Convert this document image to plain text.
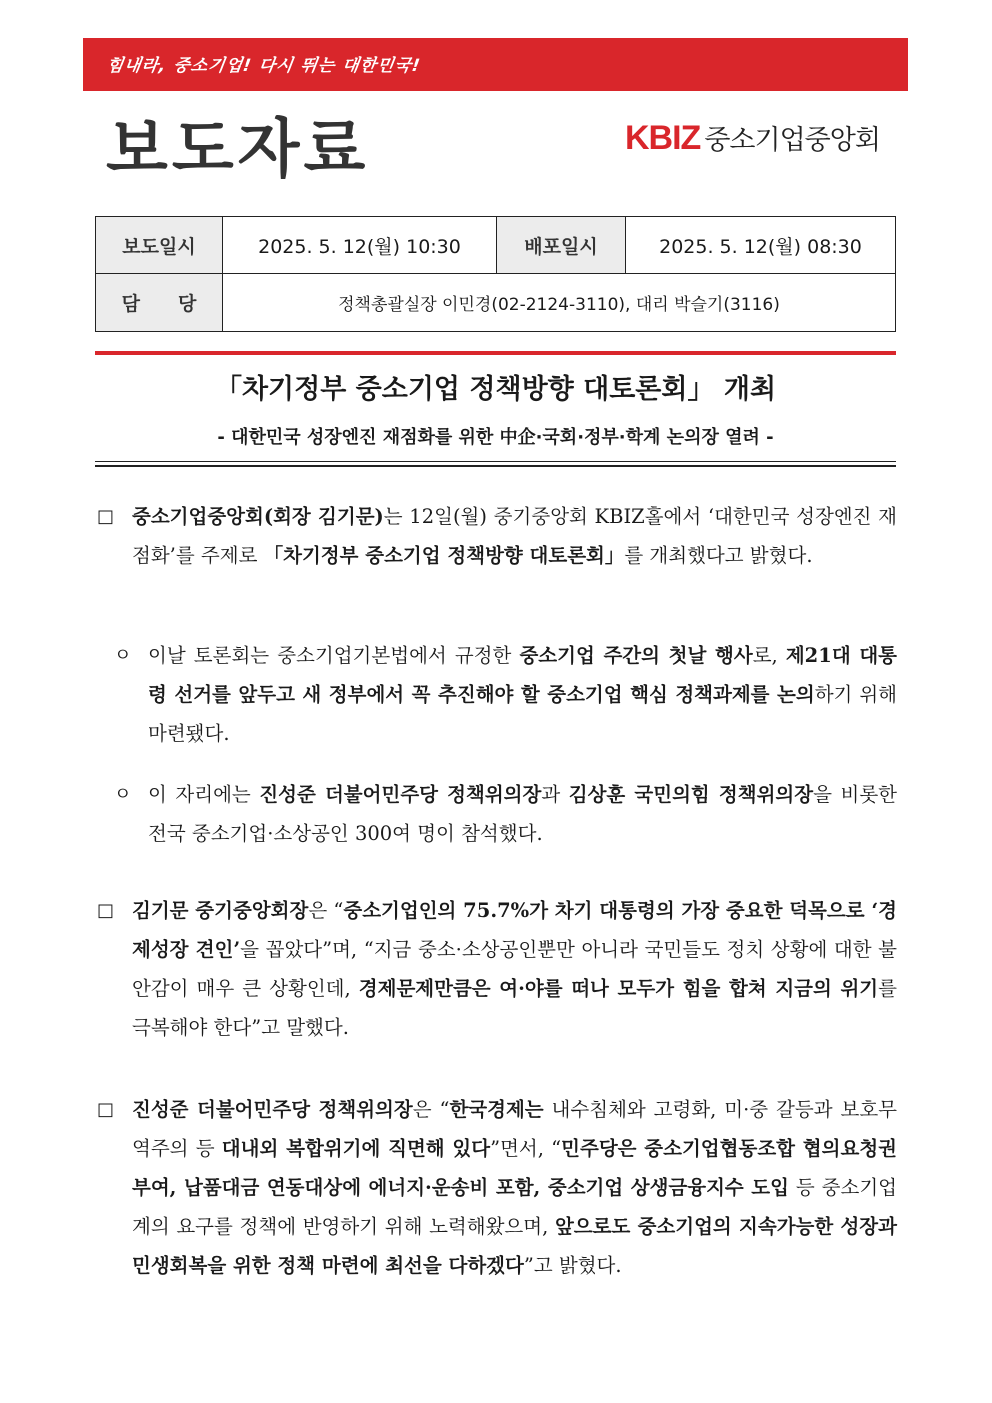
힘내라, 중소기업! 다시 뛰는 대한민국!
보도자료	KBIZ 중소기업중앙회
보도일시	2025. 5. 12(월) 10:30	배포일시	2025. 5. 12(월) 08:30
담　　당	정책총괄실장 이민경(02-2124-3110), 대리 박슬기(3116)		
「차기정부 중소기업 정책방향 대토론회」 개최
- 대한민국 성장엔진 재점화를 위한 中企·국회·정부·학계 논의장 열려 -
□ 중소기업중앙회(회장 김기문)는 12일(월) 중기중앙회 KBIZ홀에서 ‘대한민국 성장엔진 재점화’를 주제로 「차기정부 중소기업 정책방향 대토론회」를 개최했다고 밝혔다.
ㅇ 이날 토론회는 중소기업기본법에서 규정한 중소기업 주간의 첫날 행사로, 제21대 대통령 선거를 앞두고 새 정부에서 꼭 추진해야 할 중소기업 핵심 정책과제를 논의하기 위해 마련됐다.
ㅇ 이 자리에는 진성준 더불어민주당 정책위의장과 김상훈 국민의힘 정책위의장을 비롯한 전국 중소기업·소상공인 300여 명이 참석했다.
□ 김기문 중기중앙회장은 “중소기업인의 75.7%가 차기 대통령의 가장 중요한 덕목으로 ‘경제성장 견인’을 꼽았다”며, “지금 중소·소상공인뿐만 아니라 국민들도 정치 상황에 대한 불안감이 매우 큰 상황인데, 경제문제만큼은 여·야를 떠나 모두가 힘을 합쳐 지금의 위기를 극복해야 한다”고 말했다.
□ 진성준 더불어민주당 정책위의장은 “한국경제는 내수침체와 고령화, 미·중 갈등과 보호무역주의 등 대내외 복합위기에 직면해 있다”면서, “민주당은 중소기업협동조합 협의요청권 부여, 납품대금 연동대상에 에너지·운송비 포함, 중소기업 상생금융지수 도입 등 중소기업계의 요구를 정책에 반영하기 위해 노력해왔으며, 앞으로도 중소기업의 지속가능한 성장과 민생회복을 위한 정책 마련에 최선을 다하겠다”고 밝혔다.
